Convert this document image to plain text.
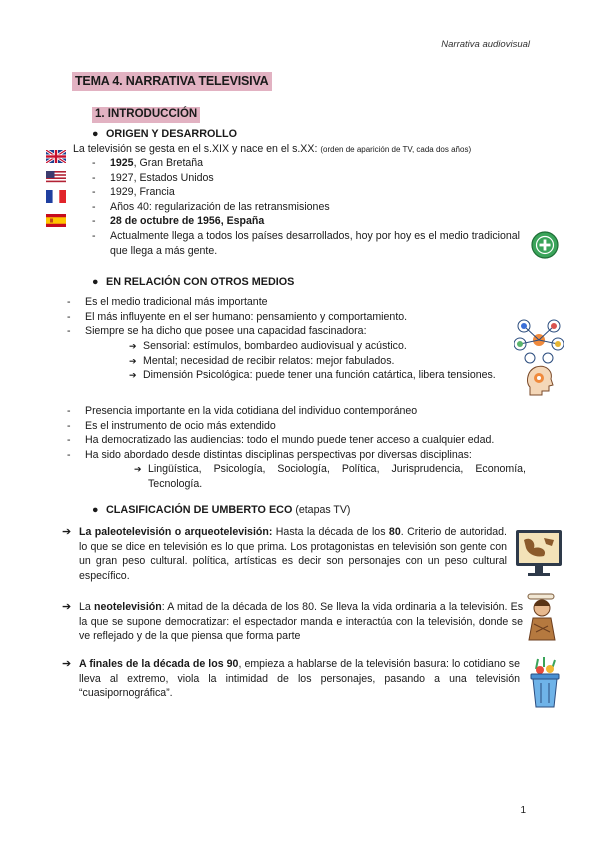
Narrativa audiovisual
TEMA 4. NARRATIVA TELEVISIVA
1. INTRODUCCIÓN
● ORIGEN Y DESARROLLO
La televisión se gesta en el s.XIX y nace en el s.XX: (orden de aparición de TV, cada dos años)
- 1925, Gran Bretaña
- 1927, Estados Unidos
- 1929, Francia
- Años 40: regularización de las retransmisiones
- 28 de octubre de 1956, España
- Actualmente llega a todos los países desarrollados, hoy por hoy es el medio tradicional que llega a más gente.
● EN RELACIÓN CON OTROS MEDIOS
- Es el medio tradicional más importante
- El más influyente en el ser humano: pensamiento y comportamiento.
- Siempre se ha dicho que posee una capacidad fascinadora:
➔ Sensorial: estímulos, bombardeo audiovisual y acústico.
➔ Mental; necesidad de recibir relatos: mejor fabulados.
➔ Dimensión Psicológica: puede tener una función catártica, libera tensiones.
- Presencia importante en la vida cotidiana del individuo contemporáneo
- Es el instrumento de ocio más extendido
- Ha democratizado las audiencias: todo el mundo puede tener acceso a cualquier edad.
- Ha sido abordado desde distintas disciplinas perspectivas por diversas disciplinas:
➔ Lingüística, Psicología, Sociología, Política, Jurisprudencia, Economía, Tecnología.
● CLASIFICACIÓN DE UMBERTO ECO (etapas TV)
➔ La paleotelevisión o arqueotelevisión: Hasta la década de los 80. Criterio de autoridad. lo que se dice en televisión es lo que prima. Los protagonistas en televisión son gente con un gran peso cultural. política, artísticas es decir son personajes con un peso cultural específico.
➔ La neotelevisión: A mitad de la década de los 80. Se lleva la vida ordinaria a la televisión. Es la que se supone democratizar: el espectador manda e interactúa con la televisión, donde se ve reflejado y de la que piensa que forma parte
➔ A finales de la década de los 90, empieza a hablarse de la televisión basura: lo cotidiano se lleva al extremo, viola la intimidad de los personajes, pasando a una televisión “cuasipornográfica”.
1
